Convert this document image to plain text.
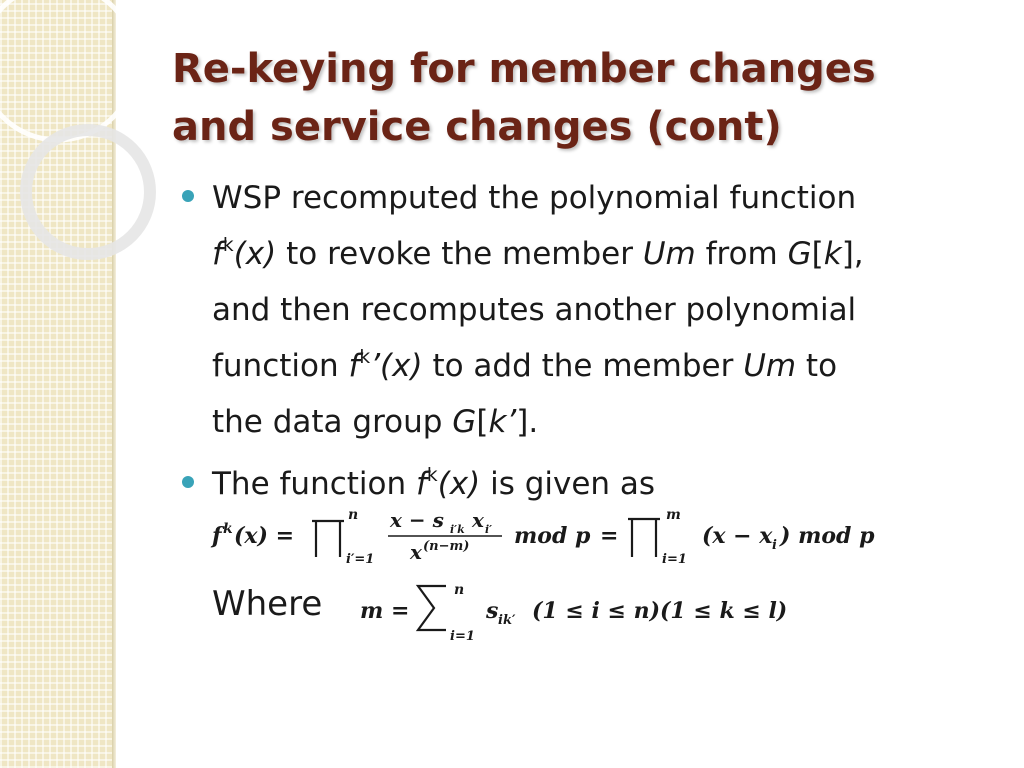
Re-keying for member changes
and service changes (cont)
WSP recomputed the polynomial function
$f^k(x)$ to revoke the member Um from G[k],
and then recomputes another polynomial
function $f^k’(x)$ to add the member Um to
the data group G[k’].
The function $f^k(x)$ is given as
f k (x) =
n
i′=1
x − s i′k x i′
x (n−m) mod p =
m
i=1
(x − x i ) mod p
Where m =
n
i=1
s ik′ (1 ≤ i ≤ n)(1 ≤ k ≤ l)
